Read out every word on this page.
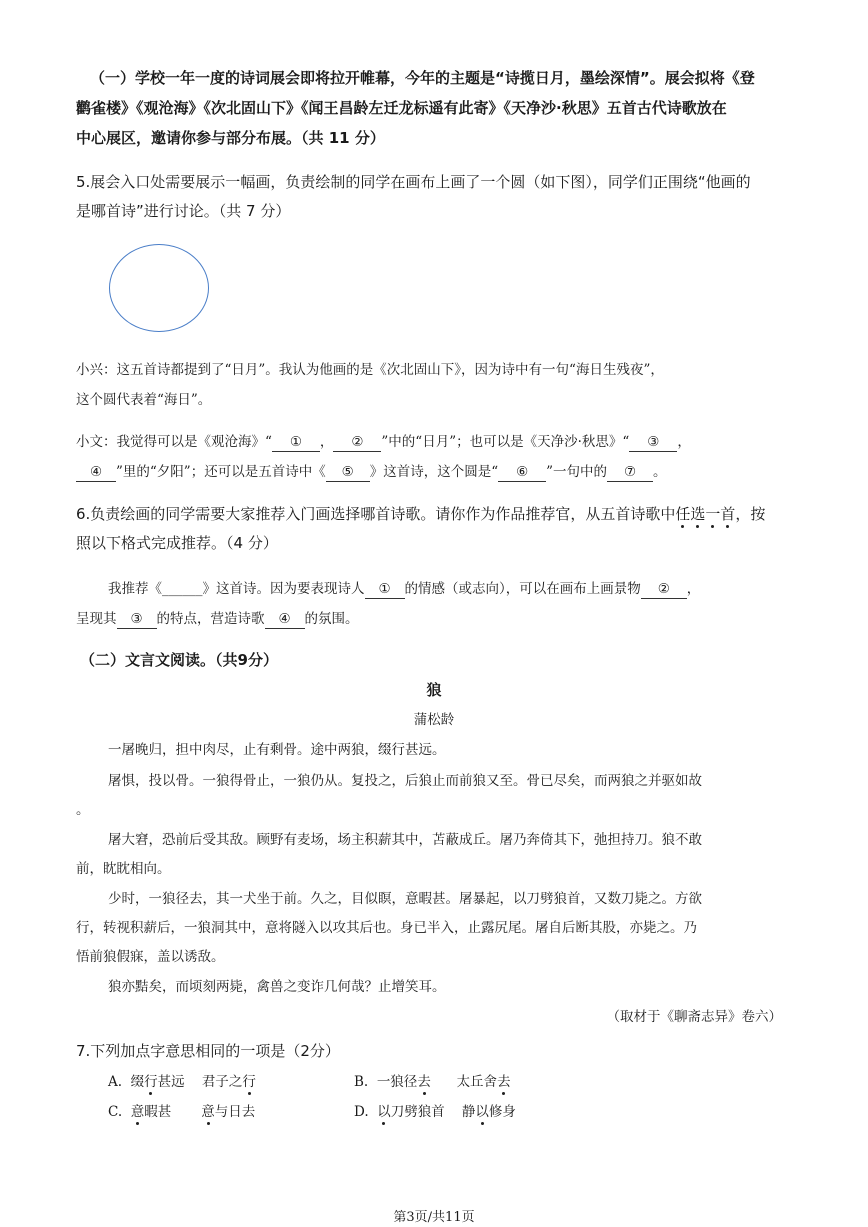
（一）学校一年一度的诗词展会即将拉开帷幕，今年的主题是“诗揽日月，墨绘深情”。展会拟将《登

鹳雀楼》《观沧海》《次北固山下》《闻王昌龄左迁龙标遥有此寄》《天净沙·秋思》五首古代诗歌放在

中心展区，邀请你参与部分布展。（共 11 分）

5.展会入口处需要展示一幅画，负责绘制的同学在画布上画了一个圆（如下图），同学们正围绕“他画的

是哪首诗”进行讨论。（共 7 分）

小兴：这五首诗都提到了“日月”。我认为他画的是《次北固山下》，因为诗中有一句“海日生残夜”，

这个圆代表着“海日”。

小文：我觉得可以是《观沧海》“ ① ， ② ”中的“日月”；也可以是《天净沙·秋思》“ ③ ，

④ ”里的“夕阳”；还可以是五首诗中《 ⑤ 》这首诗，这个圆是“ ⑥ ”一句中的 ⑦ 。

6.负责绘画的同学需要大家推荐入门画选择哪首诗歌。请你作为作品推荐官，从五首诗歌中任选一首，按

照以下格式完成推荐。（4 分）

我推荐《______》这首诗。因为要表现诗人 ① 的情感（或志向），可以在画布上画景物 ② ，

呈现其 ③ 的特点，营造诗歌 ④ 的氛围。

（二）文言文阅读。（共9分）

狼

蒲松龄

一屠晚归，担中肉尽，止有剩骨。途中两狼，缀行甚远。

屠惧，投以骨。一狼得骨止，一狼仍从。复投之，后狼止而前狼又至。骨已尽矣，而两狼之并驱如故

。

屠大窘，恐前后受其敌。顾野有麦场，场主积薪其中，苫蔽成丘。屠乃奔倚其下，弛担持刀。狼不敢

前，眈眈相向。

少时，一狼径去，其一犬坐于前。久之，目似瞑，意暇甚。屠暴起，以刀劈狼首，又数刀毙之。方欲

行，转视积薪后，一狼洞其中，意将隧入以攻其后也。身已半入，止露尻尾。屠自后断其股，亦毙之。乃

悟前狼假寐，盖以诱敌。

狼亦黠矣，而顷刻两毙，禽兽之变诈几何哉？止增笑耳。

（取材于《聊斋志异》卷六）

7.下列加点字意思相同的一项是（2分）

A. 缀行甚远 君子之行	B. 一狼径去 太丘舍去

C. 意暇甚 意与日去	D. 以刀劈狼首 静以修身

第3页/共11页
